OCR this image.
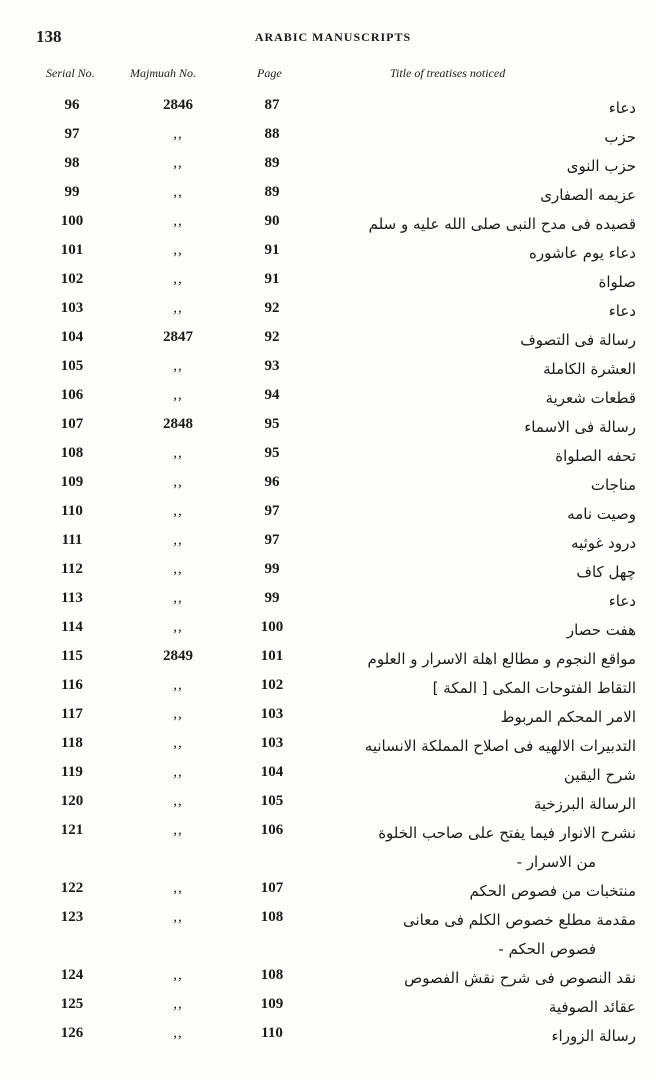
138	ARABIC MANUSCRIPTS
Serial No.	Majmuah No.	Page	Title of treatises noticed
96	2846	87	دعاء
97	,,	88	حزب
98	,,	89	حزب النوى
99	,,	89	عزيمه الصفارى
100	,,	90	قصيده فى مدح النبى صلى الله عليه و سلم
101	,,	91	دعاء يوم عاشوره
102	,,	91	صلواة
103	,,	92	دعاء
104	2847	92	رسالة فى التصوف
105	,,	93	العشرة الكاملة
106	,,	94	قطعات شعرية
107	2848	95	رسالة فى الاسماء
108	,,	95	تحفه الصلواة
109	,,	96	مناجات
110	,,	97	وصيت نامه
111	,,	97	درود غوثيه
112	,,	99	چهل كاف
113	,,	99	دعاء
114	,,	100	هفت حصار
115	2849	101	مواقع النجوم و مطالع اهلة الاسرار و العلوم
116	,,	102	التقاط الفتوحات المكى [ المكة ]
117	,,	103	الامر المحكم المربوط
118	,,	103	التدبيرات الالهيه فى اصلاح المملكة الانسانيه
119	,,	104	شرح اليقين
120	,,	105	الرسالة البرزخية
121	,,	106	نشرح الانوار فيما يفتح على صاحب الخلوة
من الاسرار -
122	,,	107	منتخبات من فصوص الحكم
123	,,	108	مقدمة مطلع خصوص الكلم فى معانى
فصوص الحكم -
124	,,	108	نقد النصوص فى شرح نقش الفصوص
125	,,	109	عقائد الصوفية
126	,,	110	رسالة الزوراء
